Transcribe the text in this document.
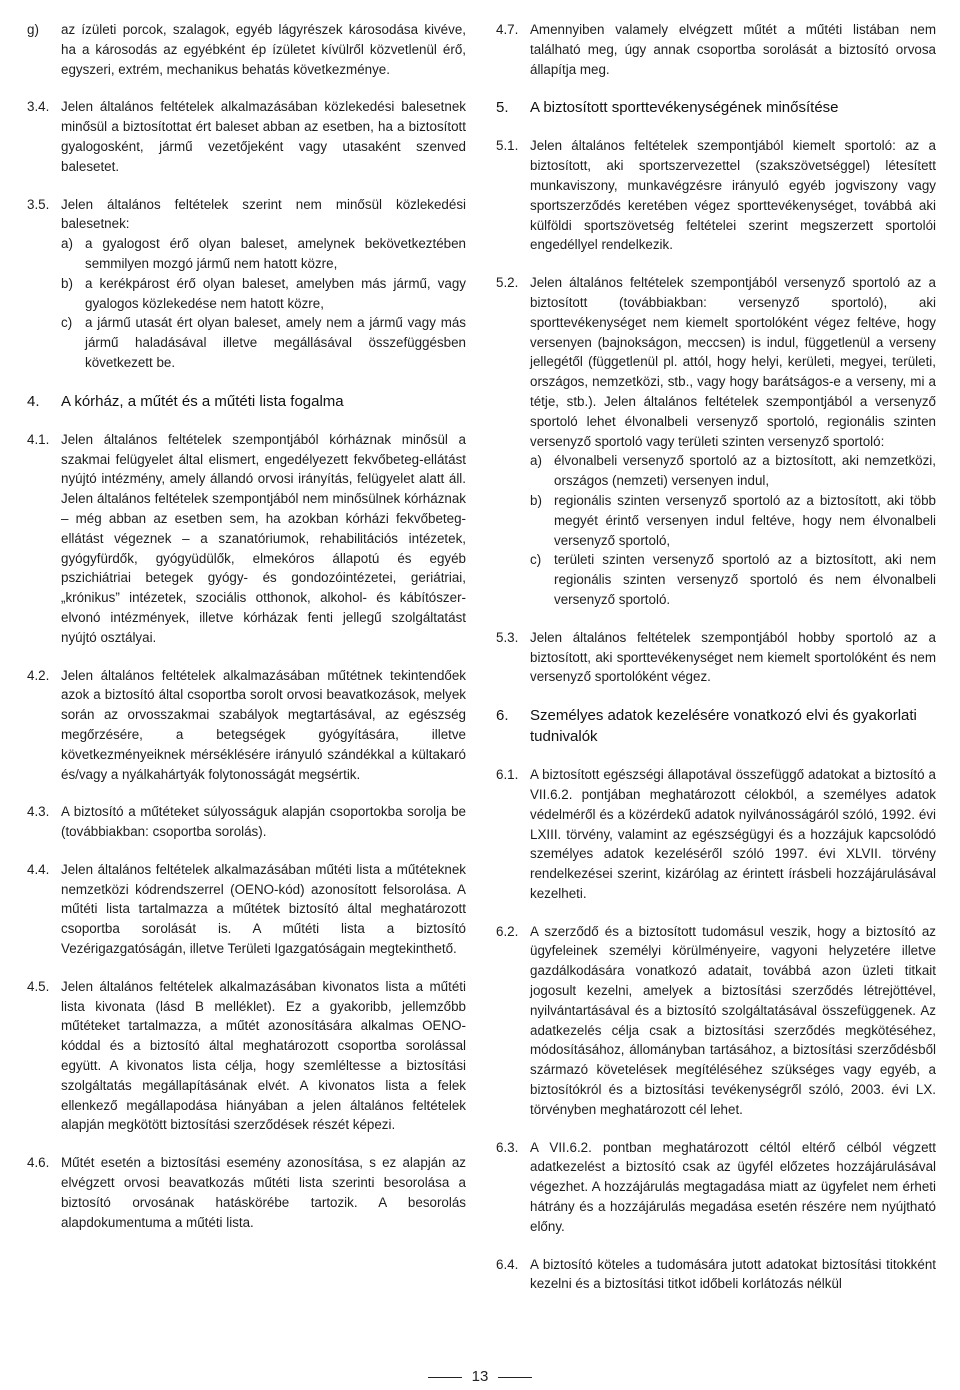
g)	az ízületi porcok, szalagok, egyéb lágyrészek károsodása kivéve, ha a károsodás az egyébként ép ízületet kívülről közvetlenül érő, egyszeri, extrém, mechanikus behatás következménye.
3.4. Jelen általános feltételek alkalmazásában közlekedési balesetnek minősül a biztosítottat ért baleset abban az esetben, ha a biztosított gyalogosként, jármű vezetőjeként vagy utasaként szenved balesetet.
3.5. Jelen általános feltételek szerint nem minősül közlekedési balesetnek:

a) a gyalogost érő olyan baleset, amelynek bekövetkeztében semmilyen mozgó jármű nem hatott közre,
b) a kerékpárost érő olyan baleset, amelyben más jármű, vagy gyalogos közlekedése nem hatott közre,
c) a jármű utasát ért olyan baleset, amely nem a jármű vagy más jármű haladásával illetve megállásával összefüggésben következett be.
4.	A kórház, a műtét és a műtéti lista fogalma
4.1. Jelen általános feltételek szempontjából kórháznak minősül a szakmai felügyelet által elismert, engedélyezett fekvőbeteg-ellátást nyújtó intézmény, amely állandó orvosi irányítás, felügyelet alatt áll. Jelen általános feltételek szempontjából nem minősülnek kórháznak – még abban az esetben sem, ha azokban kórházi fekvőbeteg-ellátást végeznek – a szanatóriumok, rehabilitációs intézetek, gyógyfürdők, gyógyüdülők, elmekóros állapotú és egyéb pszichiátriai betegek gyógy- és gondozóintézetei, geriátriai, „krónikus” intézetek, szociális otthonok, alkohol- és kábítószer-elvonó intézmények, illetve kórházak fenti jellegű szolgáltatást nyújtó osztályai.
4.2. Jelen általános feltételek alkalmazásában műtétnek tekintendőek azok a biztosító által csoportba sorolt orvosi beavatkozások, melyek során az orvosszakmai szabályok megtartásával, az egészség megőrzésére, a betegségek gyógyítására, illetve következményeiknek mérséklésére irányuló szándékkal a kültakaró és/vagy a nyálkahártyák folytonosságát megsértik.
4.3. A biztosító a műtéteket súlyosságuk alapján csoportokba sorolja be (továbbiakban: csoportba sorolás).
4.4. Jelen általános feltételek alkalmazásában műtéti lista a műtéteknek nemzetközi kódrendszerrel (OENO-kód) azonosított felsorolása. A műtéti lista tartalmazza a műtétek biztosító által meghatározott csoportba sorolását is. A műtéti lista a biztosító Vezérigazgatóságán, illetve Területi Igazgatóságain megtekinthető.
4.5. Jelen általános feltételek alkalmazásában kivonatos lista a műtéti lista kivonata (lásd B melléklet). Ez a gyakoribb, jellemzőbb műtéteket tartalmazza, a műtét azonosítására alkalmas OENO-kóddal és a biztosító által meghatározott csoportba sorolással együtt. A kivonatos lista célja, hogy szemléltesse a biztosítási szolgáltatás megállapításának elvét. A kivonatos lista a felek ellenkező megállapodása hiányában a jelen általános feltételek alapján megkötött biztosítási szerződések részét képezi.
4.6. Műtét esetén a biztosítási esemény azonosítása, s ez alapján az elvégzett orvosi beavatkozás műtéti lista szerinti besorolása a biztosító orvosának hatáskörébe tartozik. A besorolás alapdokumentuma a műtéti lista.
4.7. Amennyiben valamely elvégzett műtét a műtéti listában nem található meg, úgy annak csoportba sorolását a biztosító orvosa állapítja meg.
5.	A biztosított sporttevékenységének minősítése
5.1. Jelen általános feltételek szempontjából kiemelt sportoló: az a biztosított, aki sportszervezettel (szakszövetséggel) létesített munkaviszony, munkavégzésre irányuló egyéb jogviszony vagy sportszerződés keretében végez sporttevékenységet, továbbá aki külföldi sportszövetség feltételei szerint megszerzett sportolói engedéllyel rendelkezik.
5.2. Jelen általános feltételek szempontjából versenyző sportoló az a biztosított (továbbiakban: versenyző sportoló), aki sporttevékenységet nem kiemelt sportolóként végez feltéve, hogy versenyen (bajnokságon, meccsen) is indul, függetlenül a verseny jellegétől (függetlenül pl. attól, hogy helyi, kerületi, megyei, területi, országos, nemzetközi, stb., vagy hogy barátságos-e a verseny, mi a tétje, stb.). Jelen általános feltételek szempontjából a versenyző sportoló lehet élvonalbeli versenyző sportoló, regionális szinten versenyző sportoló vagy területi szinten versenyző sportoló:

a) élvonalbeli versenyző sportoló az a biztosított, aki nemzetközi, országos (nemzeti) versenyen indul,
b) regionális szinten versenyző sportoló az a biztosított, aki több megyét érintő versenyen indul feltéve, hogy nem élvonalbeli versenyző sportoló,
c) területi szinten versenyző sportoló az a biztosított, aki nem regionális szinten versenyző sportoló és nem élvonalbeli versenyző sportoló.
5.3. Jelen általános feltételek szempontjából hobby sportoló az a biztosított, aki sporttevékenységet nem kiemelt sportolóként és nem versenyző sportolóként végez.
6.	Személyes adatok kezelésére vonatkozó elvi és gyakorlati tudnivalók
6.1. A biztosított egészségi állapotával összefüggő adatokat a biztosító a VII.6.2. pontjában meghatározott célokból, a személyes adatok védelméről és a közérdekű adatok nyilvánosságáról szóló, 1992. évi LXIII. törvény, valamint az egészségügyi és a hozzájuk kapcsolódó személyes adatok kezeléséről szóló 1997. évi XLVII. törvény rendelkezései szerint, kizárólag az érintett írásbeli hozzájárulásával kezelheti.
6.2. A szerződő és a biztosított tudomásul veszik, hogy a biztosító az ügyfeleinek személyi körülményeire, vagyoni helyzetére illetve gazdálkodására vonatkozó adatait, továbbá azon üzleti titkait jogosult kezelni, amelyek a biztosítási szerződés létrejöttével, nyilvántartásával és a biztosító szolgáltatásával összefüggenek. Az adatkezelés célja csak a biztosítási szerződés megkötéséhez, módosításához, állományban tartásához, a biztosítási szerződésből származó követelések megítéléséhez szükséges vagy egyéb, a biztosítókról és a biztosítási tevékenységről szóló, 2003. évi LX. törvényben meghatározott cél lehet.
6.3. A VII.6.2. pontban meghatározott céltól eltérő célból végzett adatkezelést a biztosító csak az ügyfél előzetes hozzájárulásával végezhet. A hozzájárulás megtagadása miatt az ügyfelet nem érheti hátrány és a hozzájárulás megadása esetén részére nem nyújtható előny.
6.4. A biztosító köteles a tudomására jutott adatokat biztosítási titokként kezelni és a biztosítási titkot időbeli korlátozás nélkül
13
